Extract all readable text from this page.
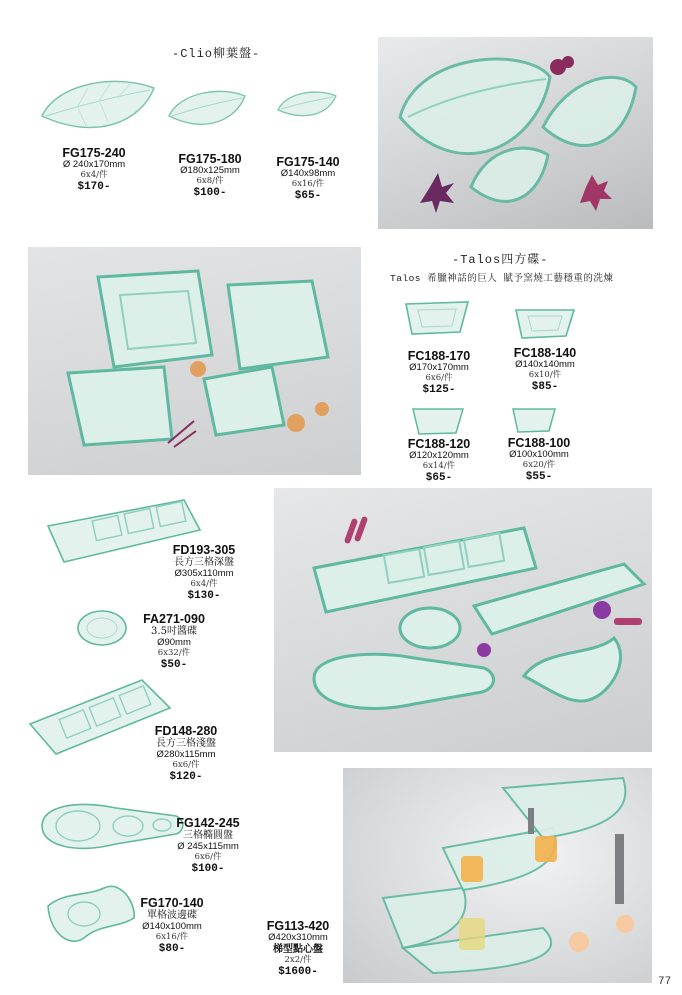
-Clio柳葉盤-
FG175-240
Ø 240x170mm
6x4/件
$170-
FG175-180
Ø180x125mm
6x8/件
$100-
FG175-140
Ø140x98mm
6x16/件
$65-
-Talos四方碟-
Talos 希臘神話的巨人 賦予窯燒工藝穩重的洗煉
FC188-170
Ø170x170mm
6x6/件
$125-
FC188-140
Ø140x140mm
6x10/件
$85-
FC188-120
Ø120x120mm
6x14/件
$65-
FC188-100
Ø100x100mm
6x20/件
$55-
FD193-305
長方三格深盤
Ø305x110mm
6x4/件
$130-
FA271-090
3.5吋醬碟
Ø90mm
6x32/件
$50-
FD148-280
長方三格淺盤
Ø280x115mm
6x6/件
$120-
FG142-245
三格橢圓盤
Ø 245x115mm
6x6/件
$100-
FG170-140
單格波邊碟
Ø140x100mm
6x16/件
$80-
FG113-420
Ø420x310mm
梯型點心盤
2x2/件
$1600-
77
